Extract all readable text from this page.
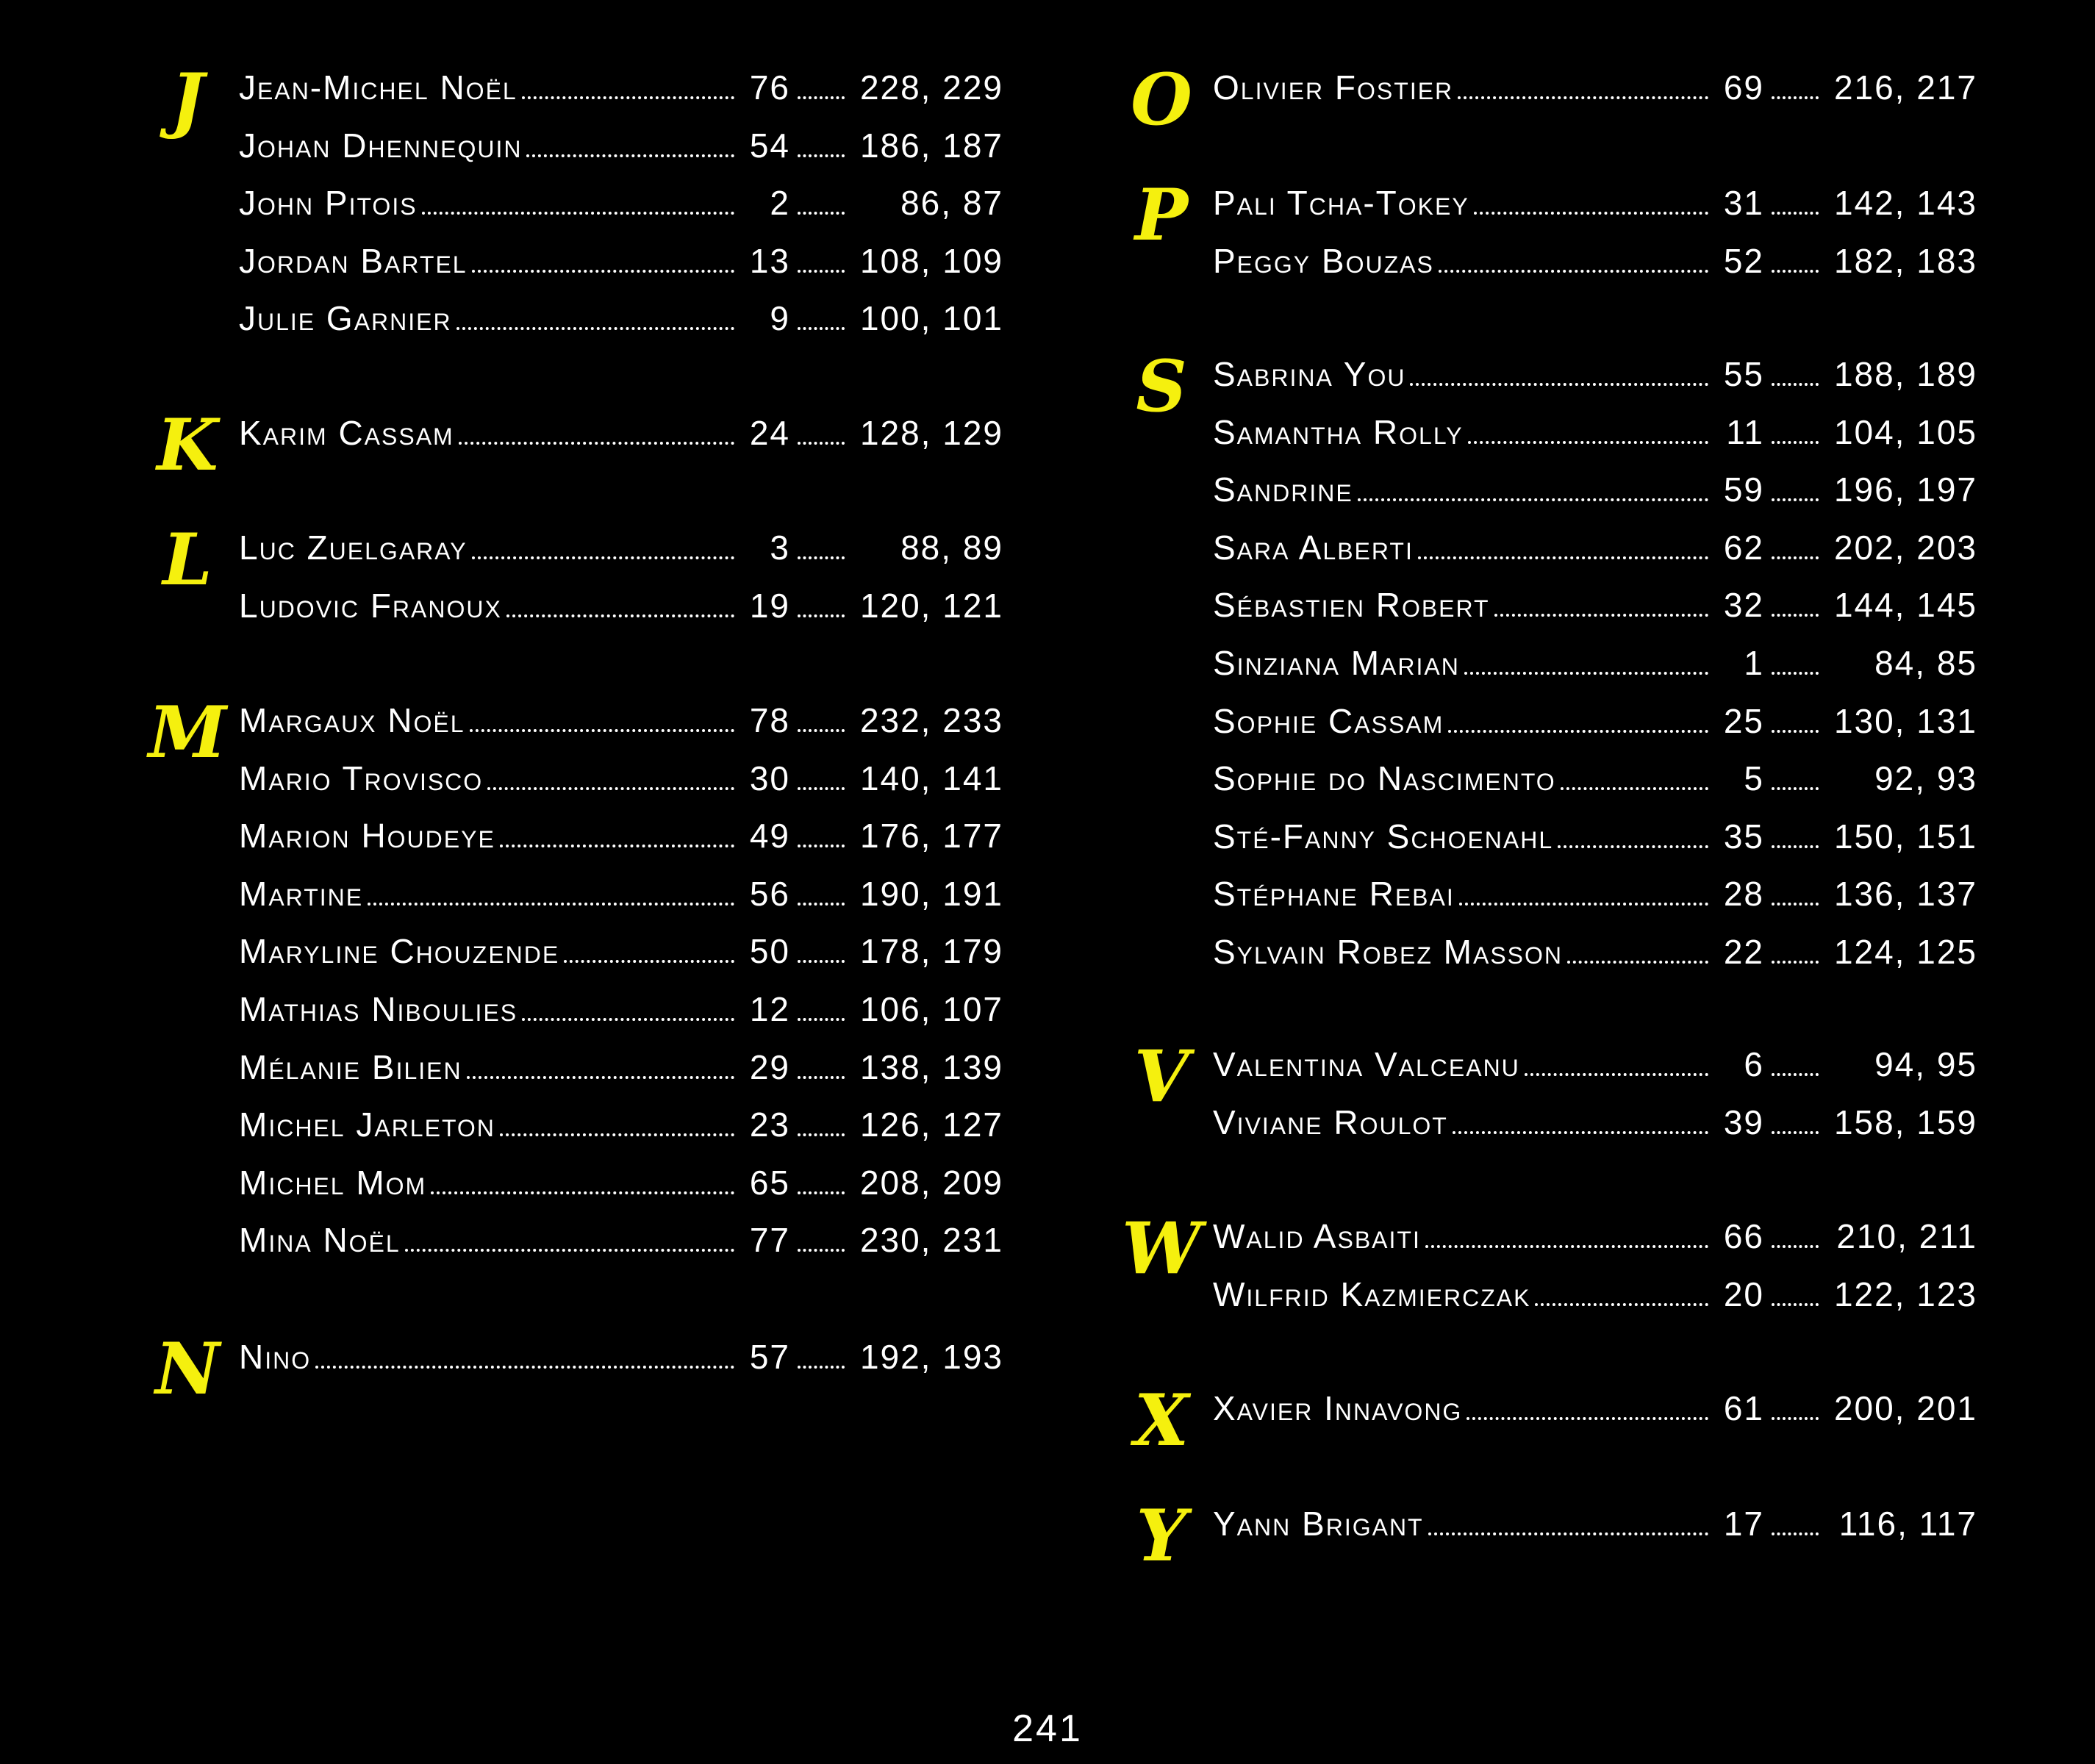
J	Jean-Michel Noël	76	228, 229
Johan Dhennequin	54	186, 187
John Pitois	2	86, 87
Jordan Bartel	13	108, 109
Julie Garnier	9	100, 101
K Karim Cassam	24	128, 129
L Luc Zuelgaray	3	88, 89
Ludovic Franoux	19	120, 121
M Margaux Noël	78	232, 233
Mario Trovisco	30	140, 141
Marion Houdeye	49	176, 177
Martine	56	190, 191
Maryline Chouzende	50	178, 179
Mathias Niboulies	12	106, 107
Mélanie Bilien	29	138, 139
Michel Jarleton	23	126, 127
Michel Mom	65	208, 209
Mina Noël	77	230, 231
N Nino	57	192, 193
O Olivier Fostier	69	216, 217
P Pali Tcha-Tokey	31	142, 143
Peggy Bouzas	52	182, 183
S Sabrina You	55	188, 189
Samantha Rolly	11	104, 105
Sandrine	59	196, 197
Sara Alberti	62	202, 203
Sébastien Robert	32	144, 145
Sinziana Marian	1	84, 85
Sophie Cassam	25	130, 131
Sophie do Nascimento	5	92, 93
Sté-Fanny Schoenahl	35	150, 151
Stéphane Rebai	28	136, 137
Sylvain Robez Masson	22	124, 125
V Valentina Valceanu	6	94, 95
Viviane Roulot	39	158, 159
W Walid Asbaiti	66	210, 211
Wilfrid Kazmierczak	20	122, 123
X Xavier Innavong	61	200, 201
Y Yann Brigant	17	116, 117
241
